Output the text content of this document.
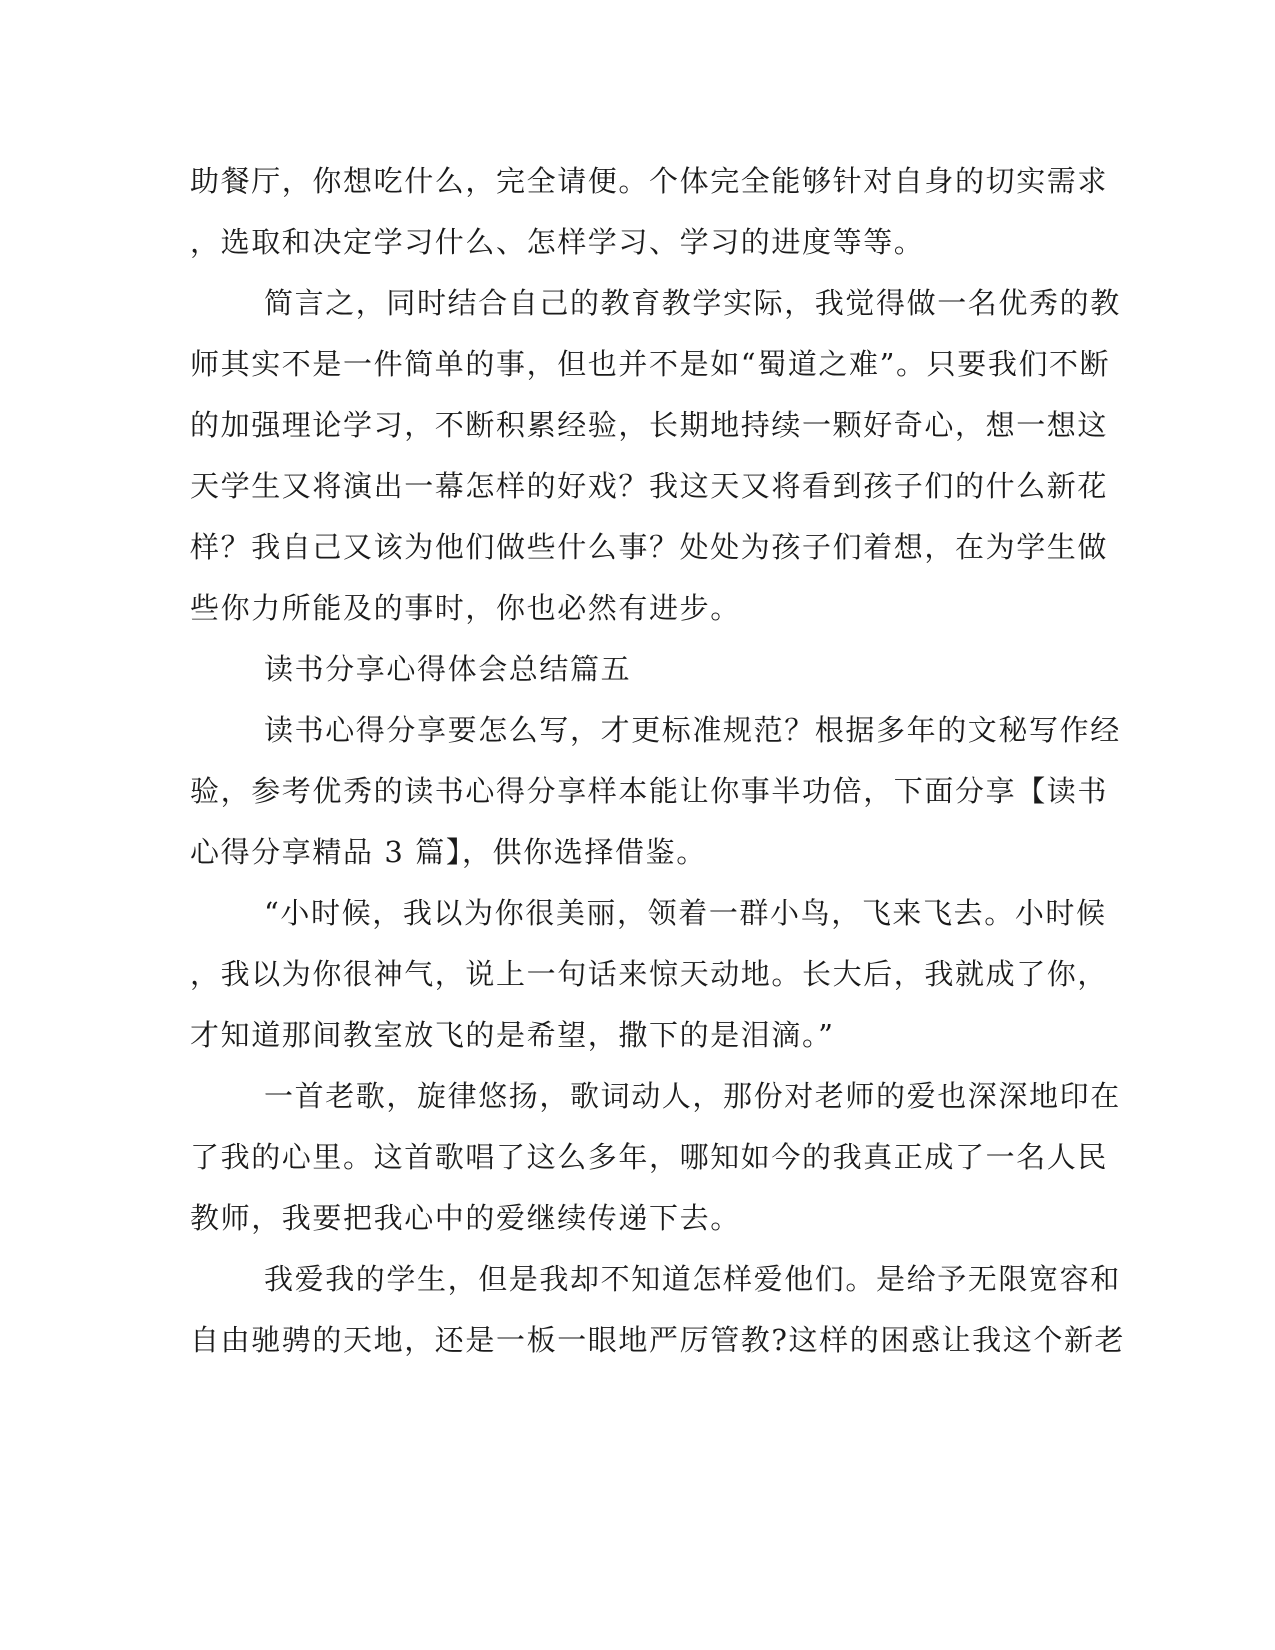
助餐厅，你想吃什么，完全请便。个体完全能够针对自身的切实需求
，选取和决定学习什么、怎样学习、学习的进度等等。
简言之，同时结合自己的教育教学实际，我觉得做一名优秀的教
师其实不是一件简单的事，但也并不是如“蜀道之难”。只要我们不断
的加强理论学习，不断积累经验，长期地持续一颗好奇心，想一想这
天学生又将演出一幕怎样的好戏？我这天又将看到孩子们的什么新花
样？我自己又该为他们做些什么事？处处为孩子们着想，在为学生做
些你力所能及的事时，你也必然有进步。
读书分享心得体会总结篇五
读书心得分享要怎么写，才更标准规范？根据多年的文秘写作经
验，参考优秀的读书心得分享样本能让你事半功倍，下面分享【读书
心得分享精品 3 篇】，供你选择借鉴。
“小时候，我以为你很美丽，领着一群小鸟，飞来飞去。小时候
，我以为你很神气，说上一句话来惊天动地。长大后，我就成了你，
才知道那间教室放飞的是希望，撒下的是泪滴。”
一首老歌，旋律悠扬，歌词动人，那份对老师的爱也深深地印在
了我的心里。这首歌唱了这么多年，哪知如今的我真正成了一名人民
教师，我要把我心中的爱继续传递下去。
我爱我的学生，但是我却不知道怎样爱他们。是给予无限宽容和
自由驰骋的天地，还是一板一眼地严厉管教?这样的困惑让我这个新老
